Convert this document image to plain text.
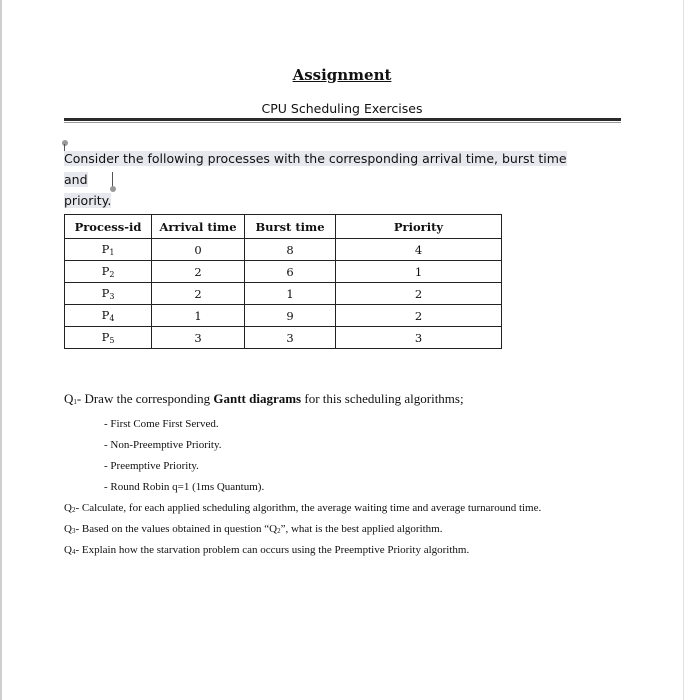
Assignment
CPU Scheduling Exercises
Consider the following processes with the corresponding arrival time, burst time and
priority.
Process-id	Arrival time	Burst time	Priority
$P_1$	0	8	4
$P_2$	2	6	1
$P_3$	2	1	2
$P_4$	1	9	2
$P_5$	3	3	3

Q1- Draw the corresponding Gantt diagrams for this scheduling algorithms;

- First Come First Served.

- Non-Preemptive Priority.

- Preemptive Priority.

- Round Robin q=1 (1ms Quantum).

Q2- Calculate, for each applied scheduling algorithm, the average waiting time and average turnaround time.

Q3- Based on the values obtained in question “Q2”, what is the best applied algorithm.

Q4- Explain how the starvation problem can occurs using the Preemptive Priority algorithm.
